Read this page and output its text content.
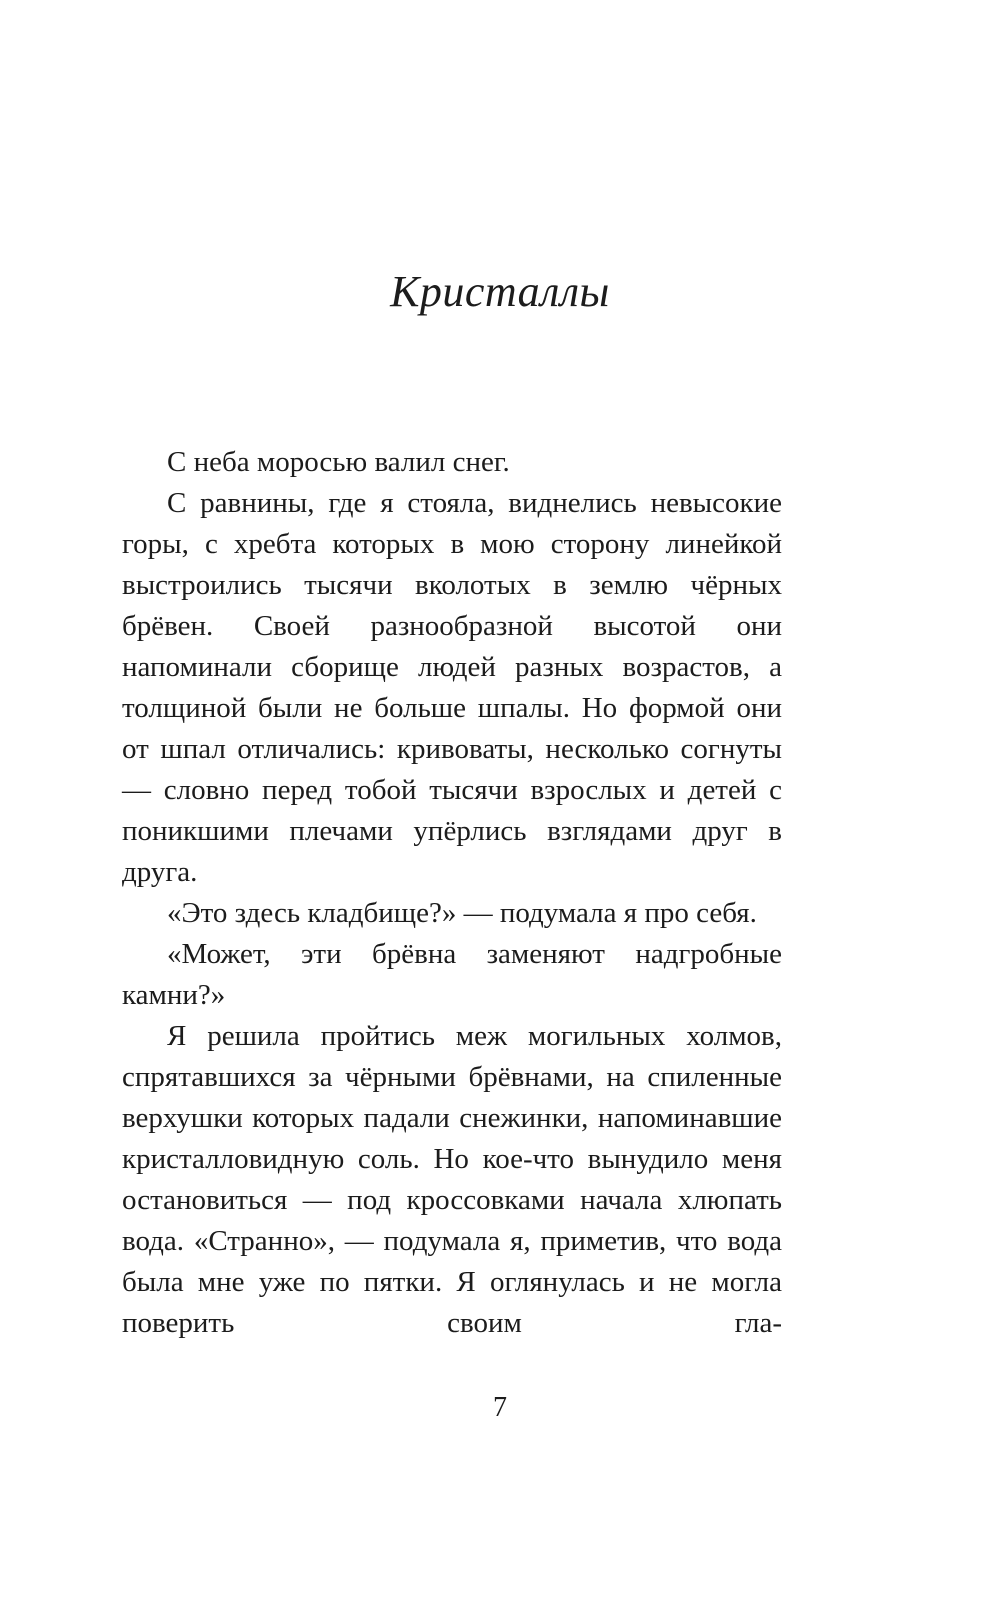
Кристаллы

С неба моросью валил снег.

С равнины, где я стояла, виднелись невысокие горы, с хребта которых в мою сторону линейкой выстроились тысячи вколотых в землю чёрных брёвен. Своей разнообразной высотой они напоминали сборище людей разных возрастов, а толщиной были не больше шпалы. Но формой они от шпал отличались: кривоваты, несколько согнуты — словно перед тобой тысячи взрослых и детей с поникшими плечами упёрлись взглядами друг в друга.

«Это здесь кладбище?» — подумала я про себя.

«Может, эти брёвна заменяют надгробные камни?»

Я решила пройтись меж могильных холмов, спрятавшихся за чёрными брёвнами, на спиленные верхушки которых падали снежинки, напоминавшие кристалловидную соль. Но кое-что вынудило меня остановиться — под кроссовками начала хлюпать вода. «Странно», — подумала я, приметив, что вода была мне уже по пятки. Я оглянулась и не могла поверить своим гла-

7
